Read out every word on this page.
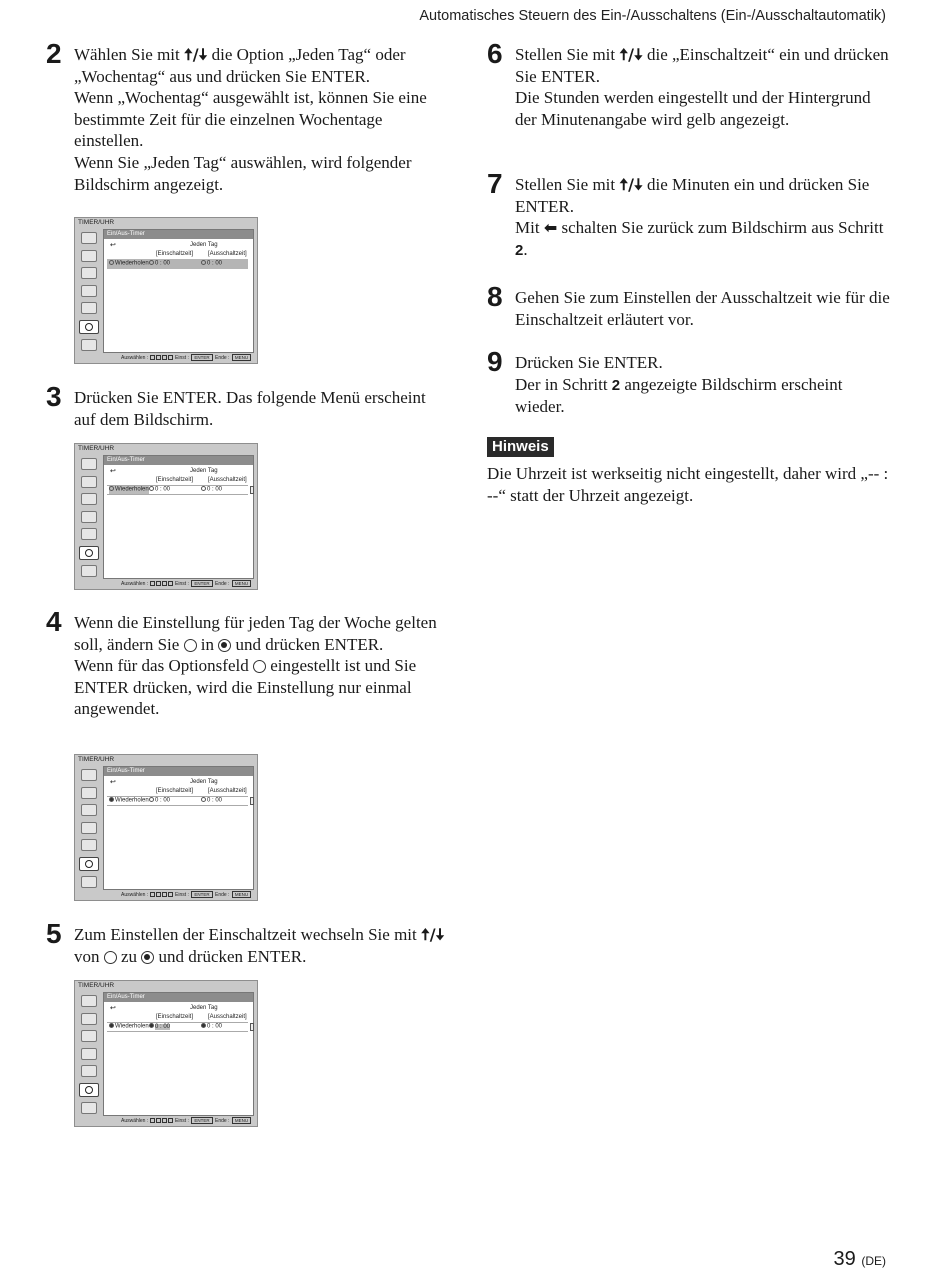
Automatisches Steuern des Ein-/Ausschaltens (Ein-/Ausschaltautomatik)
2 Wählen Sie mit 🠅/🠇 die Option „Jeden Tag“ oder „Wochentag“ aus und drücken Sie ENTER.

Wenn „Wochentag“ ausgewählt ist, können Sie eine bestimmte Zeit für die einzelnen Wochentage einstellen.

Wenn Sie „Jeden Tag“ auswählen, wird folgender Bildschirm angezeigt.

TIMER/UHR
Ein/Aus-Timer
↩	Jeden Tag
[Einschaltzeit] [Ausschaltzeit]
Wiederholen	0 : 00	0 : 00
Auswählen :	Einst : ENTER Ende : MENU
3 Drücken Sie ENTER. Das folgende Menü erscheint auf dem Bildschirm.

TIMER/UHR
Ein/Aus-Timer
↩	Jeden Tag
[Einschaltzeit] [Ausschaltzeit]
Wiederholen	0 : 00	0 : 00
Auswählen :	Einst : ENTER Ende : MENU
4 Wenn die Einstellung für jeden Tag der Woche gelten soll, ändern Sie in und drücken ENTER.

Wenn für das Optionsfeld eingestellt ist und Sie ENTER drücken, wird die Einstellung nur einmal angewendet.

TIMER/UHR
Ein/Aus-Timer
↩	Jeden Tag
[Einschaltzeit] [Ausschaltzeit]
Wiederholen	0 : 00	0 : 00
Auswählen :	Einst : ENTER Ende : MENU
5 Zum Einstellen der Einschaltzeit wechseln Sie mit 🠅/🠇 von zu und drücken ENTER.

TIMER/UHR
Ein/Aus-Timer
↩	Jeden Tag
[Einschaltzeit] [Ausschaltzeit]
Wiederholen	0 : 00	0 : 00
Auswählen :	Einst : ENTER Ende : MENU
6 Stellen Sie mit 🠅/🠇 die „Einschaltzeit“ ein und drücken Sie ENTER.

Die Stunden werden eingestellt und der Hintergrund der Minutenangabe wird gelb angezeigt.

7 Stellen Sie mit 🠅/🠇 die Minuten ein und drücken Sie ENTER.

Mit ⬅ schalten Sie zurück zum Bildschirm aus Schritt 2.

8 Gehen Sie zum Einstellen der Ausschaltzeit wie für die Einschaltzeit erläutert vor.

9 Drücken Sie ENTER.

Der in Schritt 2 angezeigte Bildschirm erscheint wieder.

Hinweis
Die Uhrzeit ist werkseitig nicht eingestellt, daher wird „-- : --“ statt der Uhrzeit angezeigt.
39 (DE)
